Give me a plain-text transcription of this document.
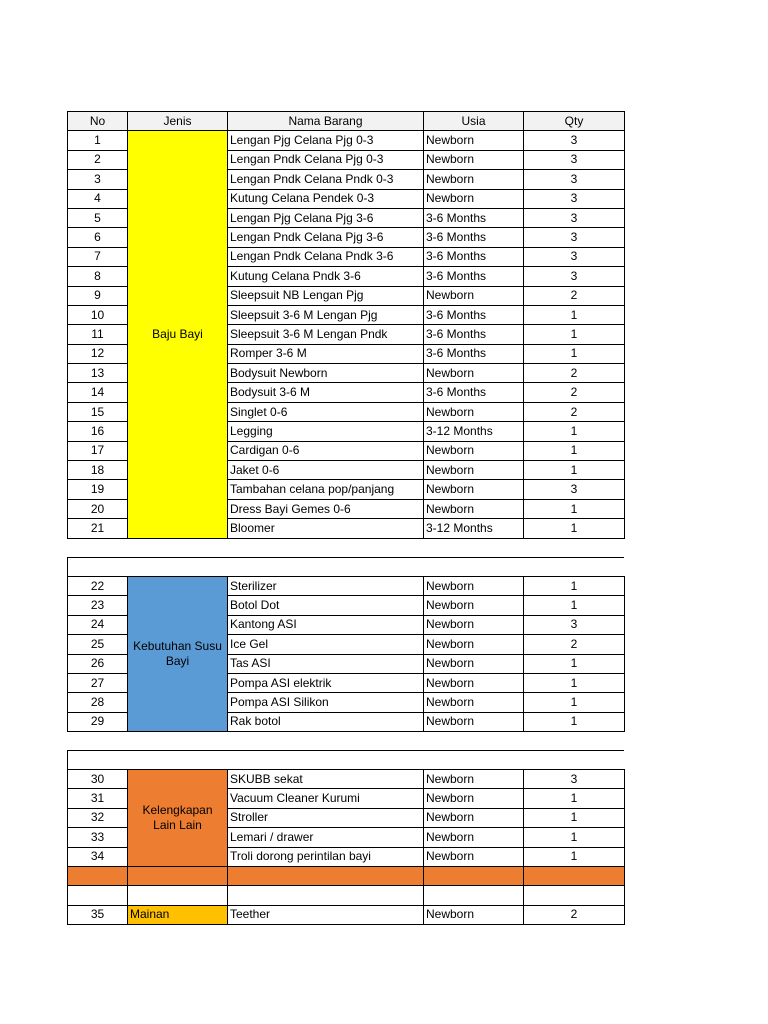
No	Jenis	Nama Barang	Usia	Qty
1	Baju Bayi	Lengan Pjg Celana Pjg 0-3	Newborn	3
2		Lengan Pndk Celana Pjg 0-3	Newborn	3
3		Lengan Pndk Celana Pndk 0-3	Newborn	3
4		Kutung Celana Pendek 0-3	Newborn	3
5		Lengan Pjg Celana Pjg 3-6	3-6 Months	3
6		Lengan Pndk Celana Pjg 3-6	3-6 Months	3
7		Lengan Pndk Celana Pndk 3-6	3-6 Months	3
8		Kutung Celana Pndk 3-6	3-6 Months	3
9		Sleepsuit NB Lengan Pjg	Newborn	2
10		Sleepsuit 3-6 M Lengan Pjg	3-6 Months	1
11		Sleepsuit 3-6 M Lengan Pndk	3-6 Months	1
12		Romper 3-6 M	3-6 Months	1
13		Bodysuit Newborn	Newborn	2
14		Bodysuit 3-6 M	3-6 Months	2
15		Singlet 0-6	Newborn	2
16		Legging	3-12 Months	1
17		Cardigan 0-6	Newborn	1
18		Jaket 0-6	Newborn	1
19		Tambahan celana pop/panjang	Newborn	3
20		Dress Bayi Gemes 0-6	Newborn	1
21		Bloomer	3-12 Months	1
22	Kebutuhan Susu Bayi	Sterilizer	Newborn	1
23		Botol Dot	Newborn	1
24		Kantong ASI	Newborn	3
25		Ice Gel	Newborn	2
26		Tas ASI	Newborn	1
27		Pompa ASI elektrik	Newborn	1
28		Pompa ASI Silikon	Newborn	1
29		Rak botol	Newborn	1
30	Kelengkapan Lain Lain	SKUBB sekat	Newborn	3
31		Vacuum Cleaner Kurumi	Newborn	1
32		Stroller	Newborn	1
33		Lemari / drawer	Newborn	1
34		Troli dorong perintilan bayi	Newborn	1

35	Mainan	Teether	Newborn	2
